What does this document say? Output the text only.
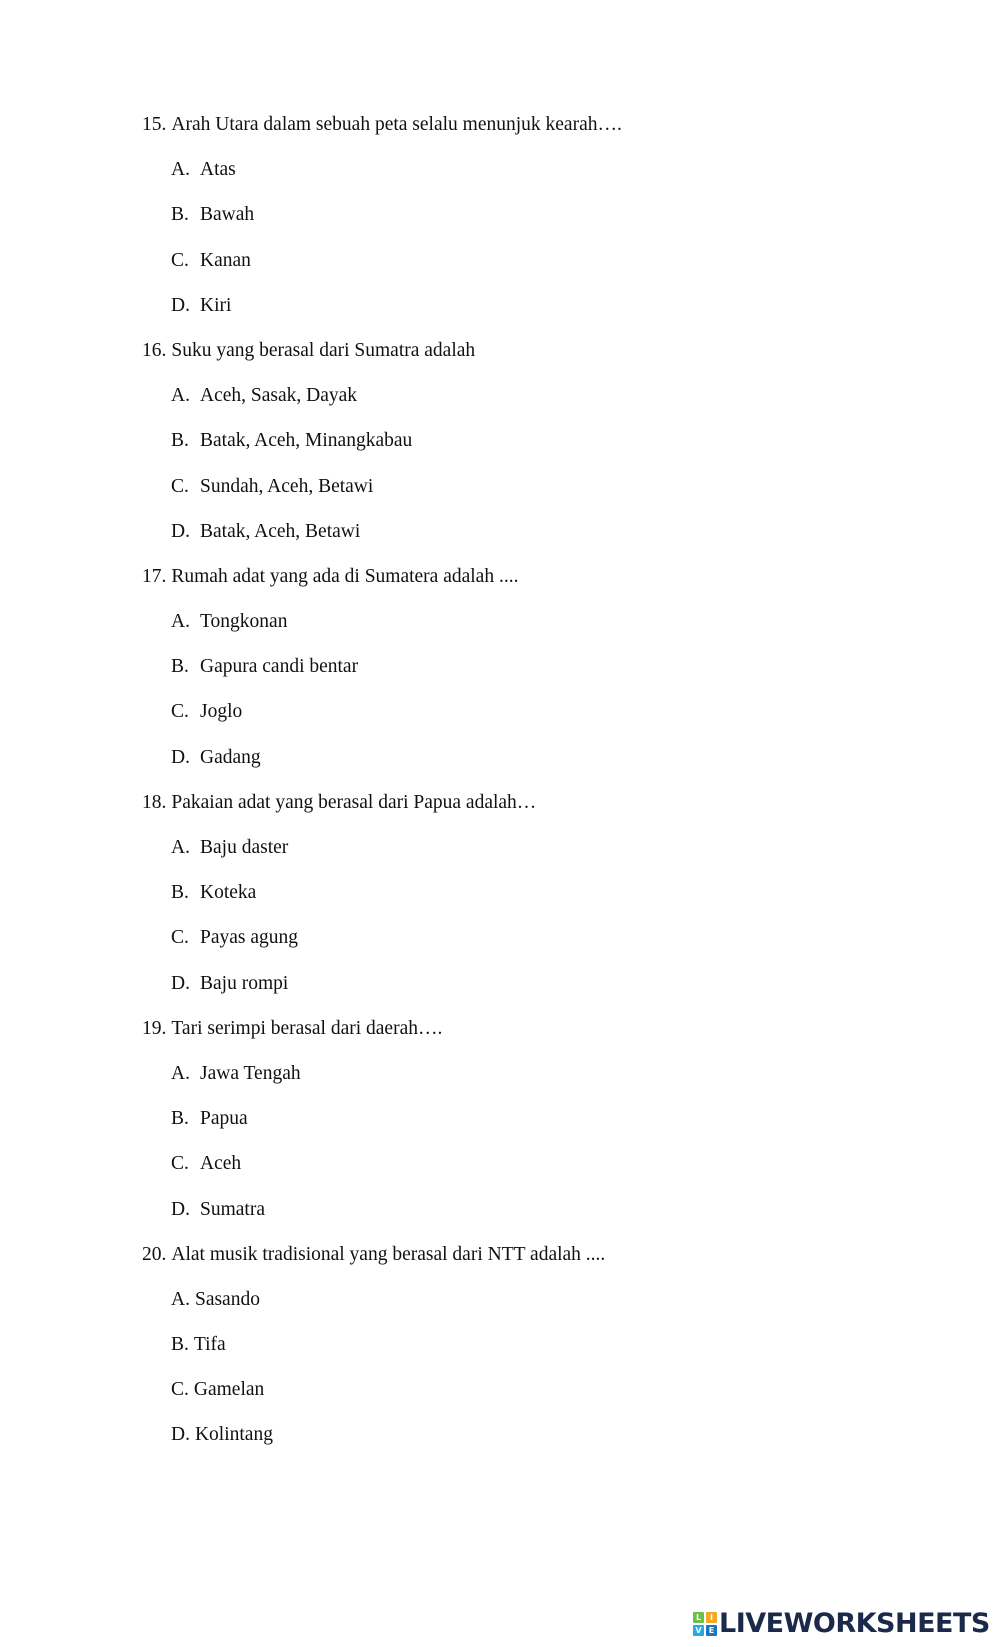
15. Arah Utara dalam sebuah peta selalu menunjuk kearah….
A. Atas
B. Bawah
C. Kanan
D. Kiri
16. Suku yang berasal dari Sumatra adalah
A. Aceh, Sasak, Dayak
B. Batak, Aceh, Minangkabau
C. Sundah, Aceh, Betawi
D. Batak, Aceh, Betawi
17. Rumah adat yang ada di Sumatera adalah ....
A. Tongkonan
B. Gapura candi bentar
C. Joglo
D. Gadang
18. Pakaian adat yang berasal dari Papua adalah…
A. Baju daster
B. Koteka
C. Payas agung
D. Baju rompi
19. Tari serimpi berasal dari daerah….
A. Jawa Tengah
B. Papua
C. Aceh
D. Sumatra
20. Alat musik tradisional yang berasal dari NTT adalah ....
A. Sasando
B. Tifa
C. Gamelan
D. Kolintang
L	I
V E LIVEWORKSHEETS
